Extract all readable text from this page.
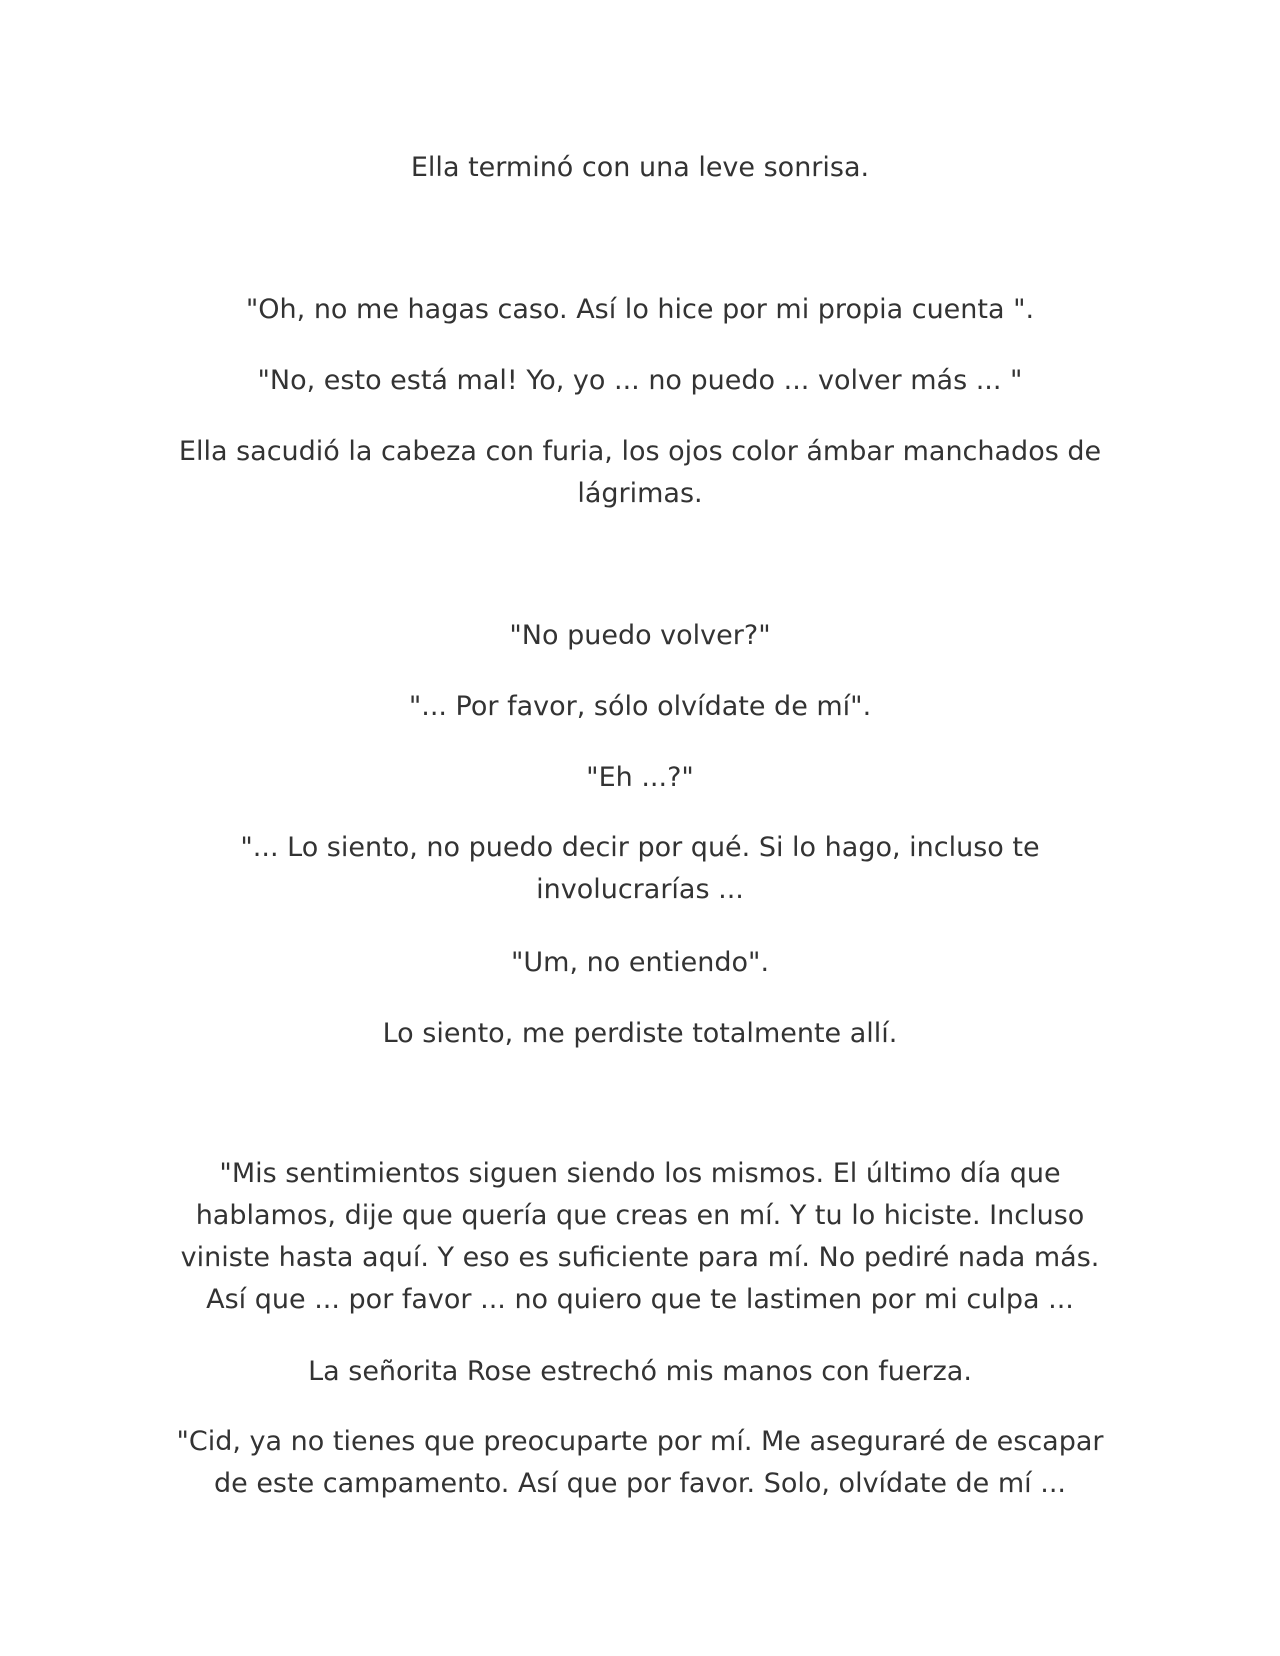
Ella terminó con una leve sonrisa.

"Oh, no me hagas caso. Así lo hice por mi propia cuenta ".

"No, esto está mal! Yo, yo ... no puedo ... volver más ... "

Ella sacudió la cabeza con furia, los ojos color ámbar manchados de lágrimas.

"No puedo volver?"

"... Por favor, sólo olvídate de mí".

"Eh ...?"

"... Lo siento, no puedo decir por qué. Si lo hago, incluso te involucrarías ...

"Um, no entiendo".

Lo siento, me perdiste totalmente allí.

"Mis sentimientos siguen siendo los mismos. El último día que hablamos, dije que quería que creas en mí. Y tu lo hiciste. Incluso viniste hasta aquí. Y eso es suficiente para mí. No pediré nada más. Así que ... por favor ... no quiero que te lastimen por mi culpa ...

La señorita Rose estrechó mis manos con fuerza.

"Cid, ya no tienes que preocuparte por mí. Me aseguraré de escapar de este campamento. Así que por favor. Solo, olvídate de mí ...
